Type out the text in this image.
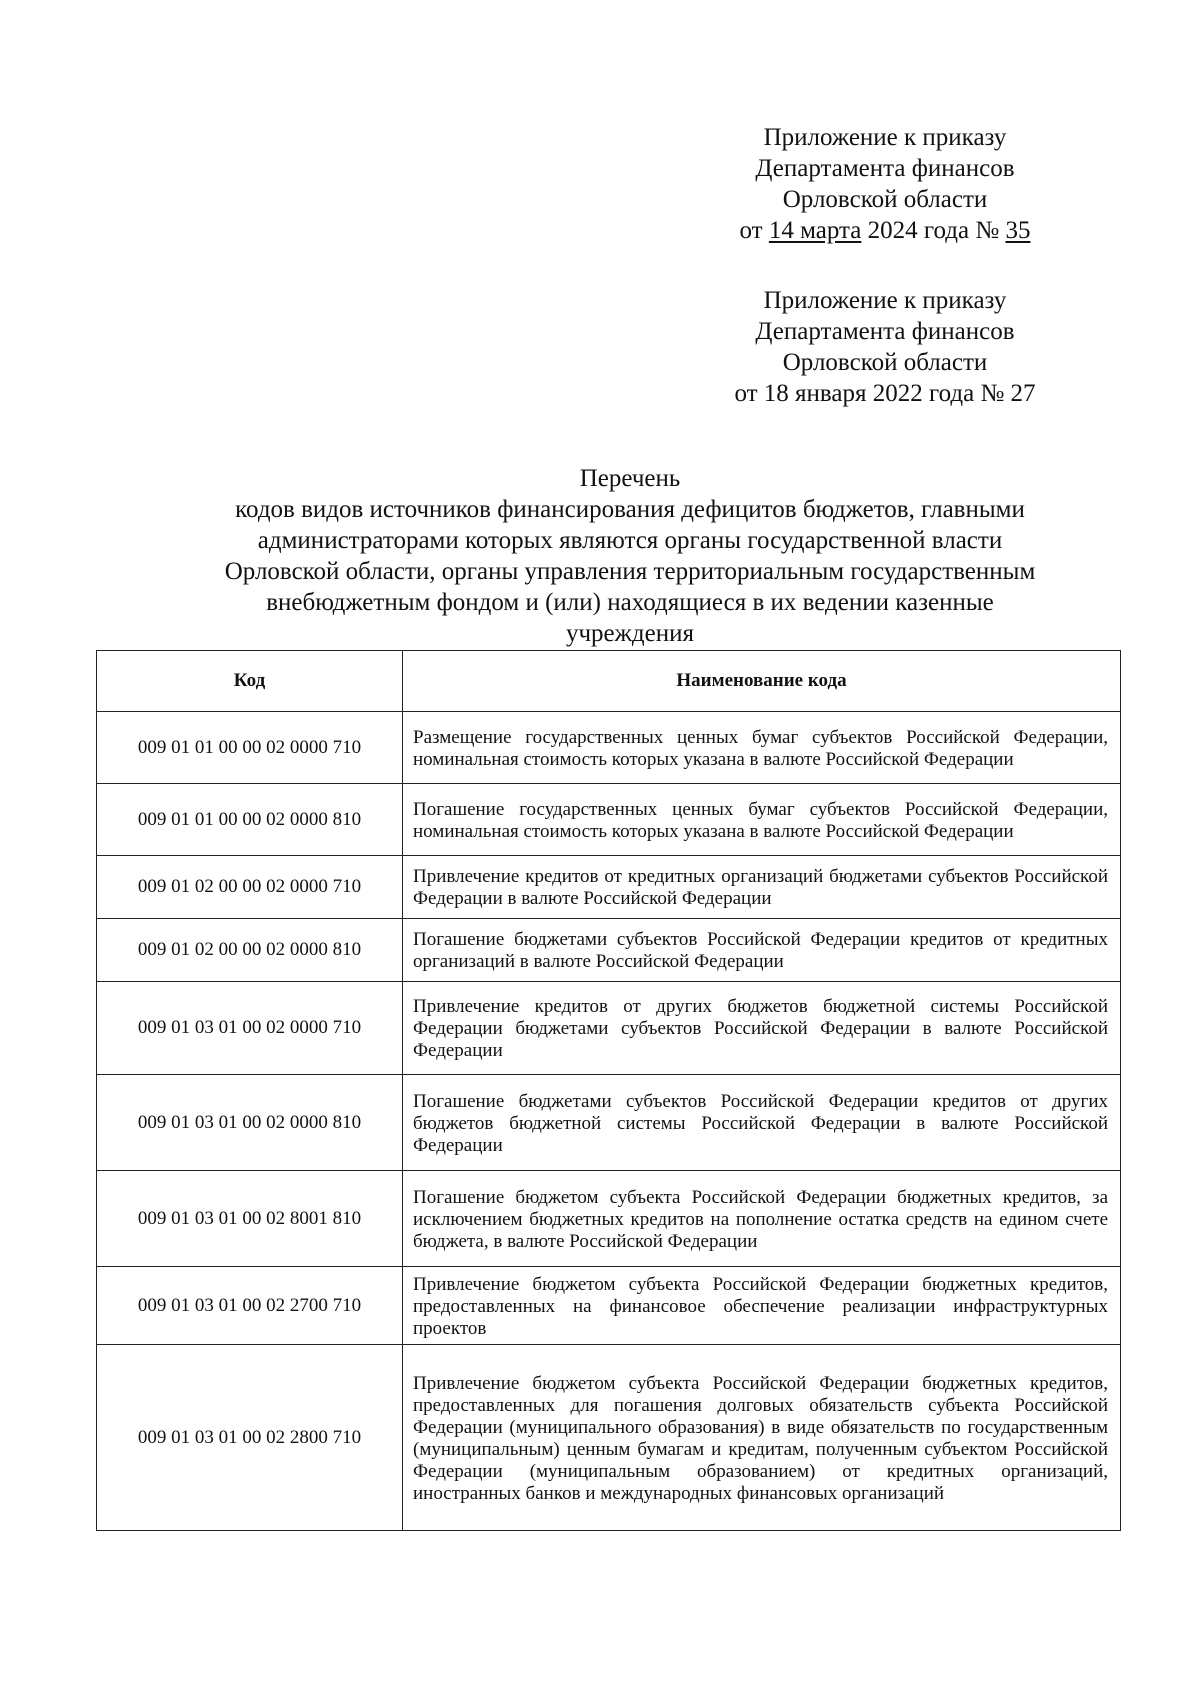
Приложение к приказу
Департамента финансов
Орловской области
от 14 марта 2024 года № 35
Приложение к приказу
Департамента финансов
Орловской области
от 18 января 2022 года № 27
Перечень
кодов видов источников финансирования дефицитов бюджетов, главными
администраторами которых являются органы государственной власти
Орловской области, органы управления территориальным государственным
внебюджетным фондом и (или) находящиеся в их ведении казенные
учреждения
Код	Наименование кода
009 01 01 00 00 02 0000 710	Размещение государственных ценных бумаг субъектов Российской Федерации, номинальная стоимость которых указана в валюте Российской Федерации
009 01 01 00 00 02 0000 810	Погашение государственных ценных бумаг субъектов Российской Федерации, номинальная стоимость которых указана в валюте Российской Федерации
009 01 02 00 00 02 0000 710	Привлечение кредитов от кредитных организаций бюджетами субъектов Российской Федерации в валюте Российской Федерации
009 01 02 00 00 02 0000 810	Погашение бюджетами субъектов Российской Федерации кредитов от кредитных организаций в валюте Российской Федерации
009 01 03 01 00 02 0000 710	Привлечение кредитов от других бюджетов бюджетной системы Российской Федерации бюджетами субъектов Российской Федерации в валюте Российской Федерации
009 01 03 01 00 02 0000 810	Погашение бюджетами субъектов Российской Федерации кредитов от других бюджетов бюджетной системы Российской Федерации в валюте Российской Федерации
009 01 03 01 00 02 8001 810	Погашение бюджетом субъекта Российской Федерации бюджетных кредитов, за исключением бюджетных кредитов на пополнение остатка средств на едином счете бюджета, в валюте Российской Федерации
009 01 03 01 00 02 2700 710	Привлечение бюджетом субъекта Российской Федерации бюджетных кредитов, предоставленных на финансовое обеспечение реализации инфраструктурных проектов
009 01 03 01 00 02 2800 710	Привлечение бюджетом субъекта Российской Федерации бюджетных кредитов, предоставленных для погашения долговых обязательств субъекта Российской Федерации (муниципального образования) в виде обязательств по государственным (муниципальным) ценным бумагам и кредитам, полученным субъектом Российской Федерации (муниципальным образованием) от кредитных организаций, иностранных банков и международных финансовых организаций
